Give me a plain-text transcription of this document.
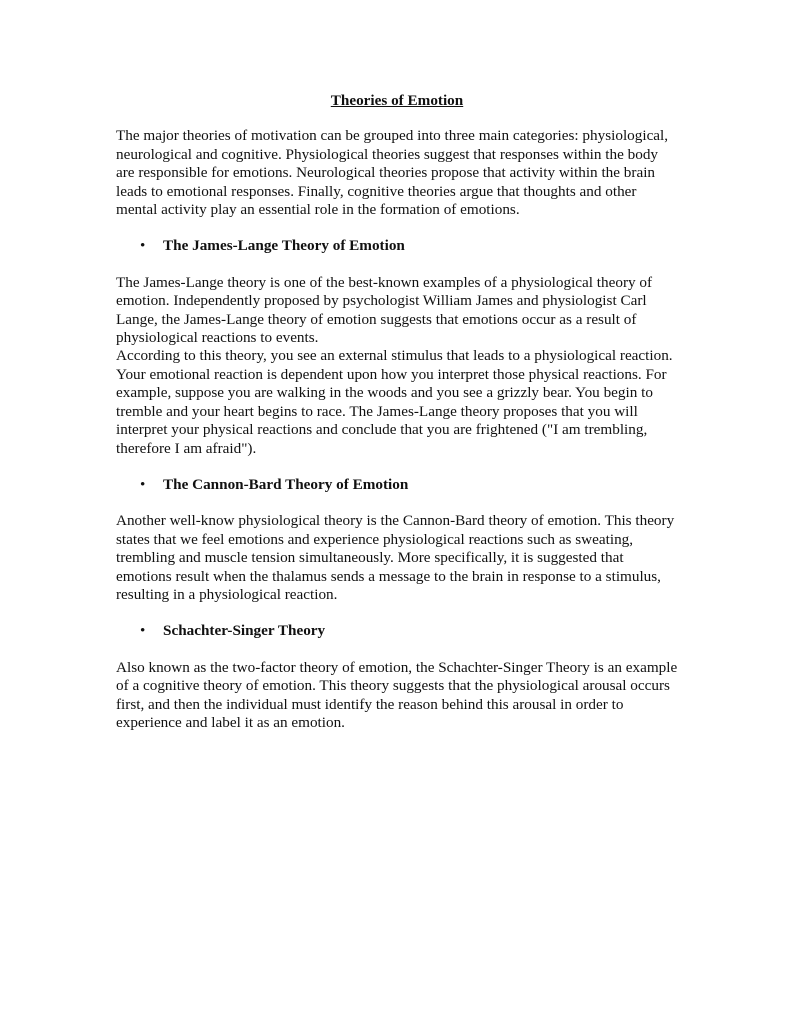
Theories of Emotion

The major theories of motivation can be grouped into three main categories: physiological, neurological and cognitive. Physiological theories suggest that responses within the body are responsible for emotions. Neurological theories propose that activity within the brain leads to emotional responses. Finally, cognitive theories argue that thoughts and other mental activity play an essential role in the formation of emotions.

•	The James-Lange Theory of Emotion

The James-Lange theory is one of the best-known examples of a physiological theory of emotion. Independently proposed by psychologist William James and physiologist Carl Lange, the James-Lange theory of emotion suggests that emotions occur as a result of physiological reactions to events.

According to this theory, you see an external stimulus that leads to a physiological reaction. Your emotional reaction is dependent upon how you interpret those physical reactions. For example, suppose you are walking in the woods and you see a grizzly bear. You begin to tremble and your heart begins to race. The James-Lange theory proposes that you will interpret your physical reactions and conclude that you are frightened ("I am trembling, therefore I am afraid").

•	The Cannon-Bard Theory of Emotion

Another well-know physiological theory is the Cannon-Bard theory of emotion. This theory states that we feel emotions and experience physiological reactions such as sweating, trembling and muscle tension simultaneously. More specifically, it is suggested that emotions result when the thalamus sends a message to the brain in response to a stimulus, resulting in a physiological reaction.

•	Schachter-Singer Theory

Also known as the two-factor theory of emotion, the Schachter-Singer Theory is an example of a cognitive theory of emotion. This theory suggests that the physiological arousal occurs first, and then the individual must identify the reason behind this arousal in order to experience and label it as an emotion.
